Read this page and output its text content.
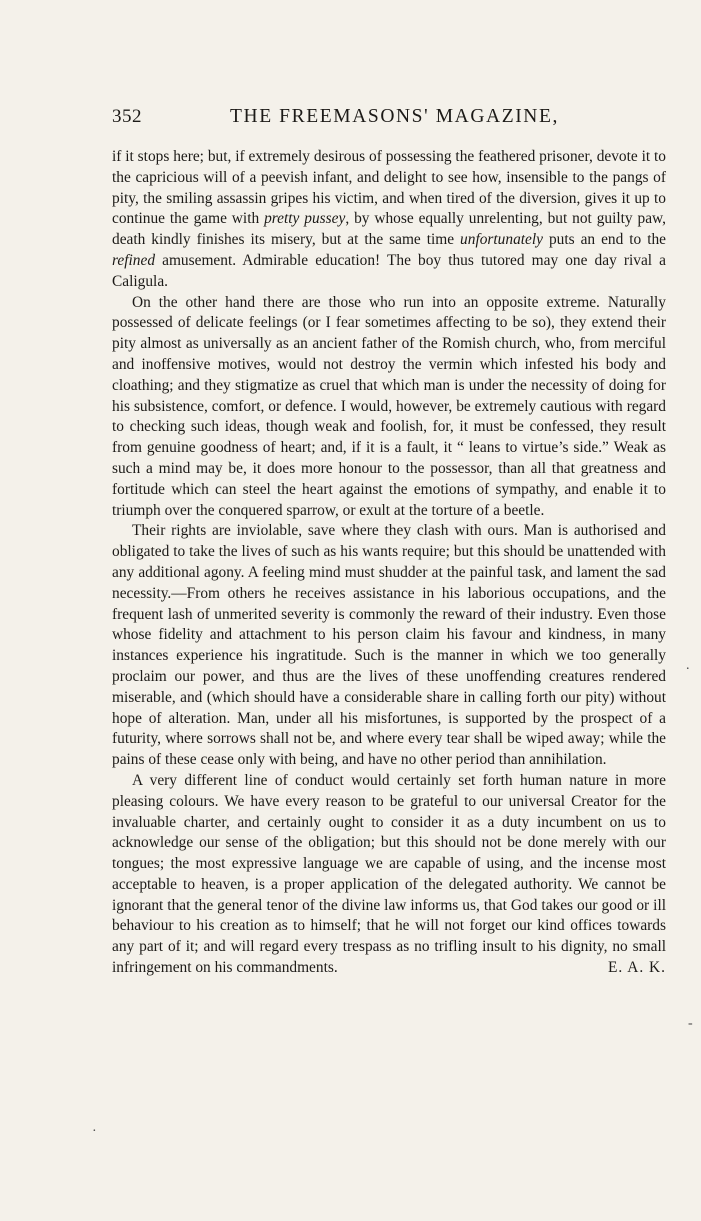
352	THE FREEMASONS' MAGAZINE,

if it stops here; but, if extremely desirous of possessing the feathered prisoner, devote it to the capricious will of a peevish infant, and delight to see how, insensible to the pangs of pity, the smiling assassin gripes his victim, and when tired of the diversion, gives it up to continue the game with pretty pussey, by whose equally unrelenting, but not guilty paw, death kindly finishes its misery, but at the same time unfortunately puts an end to the refined amusement. Admirable education! The boy thus tutored may one day rival a Caligula.

On the other hand there are those who run into an opposite extreme. Naturally possessed of delicate feelings (or I fear sometimes affecting to be so), they extend their pity almost as universally as an ancient father of the Romish church, who, from merciful and inoffensive motives, would not destroy the vermin which infested his body and cloathing; and they stigmatize as cruel that which man is under the necessity of doing for his subsistence, comfort, or defence. I would, however, be extremely cautious with regard to checking such ideas, though weak and foolish, for, it must be confessed, they result from genuine goodness of heart; and, if it is a fault, it “ leans to virtue’s side.” Weak as such a mind may be, it does more honour to the possessor, than all that greatness and fortitude which can steel the heart against the emotions of sympathy, and enable it to triumph over the conquered sparrow, or exult at the torture of a beetle.

Their rights are inviolable, save where they clash with ours. Man is authorised and obligated to take the lives of such as his wants require; but this should be unattended with any additional agony. A feeling mind must shudder at the painful task, and lament the sad necessity.—From others he receives assistance in his laborious occupations, and the frequent lash of unmerited severity is commonly the reward of their industry. Even those whose fidelity and attachment to his person claim his favour and kindness, in many instances experience his ingratitude. Such is the manner in which we too generally proclaim our power, and thus are the lives of these unoffending creatures rendered miserable, and (which should have a considerable share in calling forth our pity) without hope of alteration. Man, under all his misfortunes, is supported by the prospect of a futurity, where sorrows shall not be, and where every tear shall be wiped away; while the pains of these cease only with being, and have no other period than annihilation.

A very different line of conduct would certainly set forth human nature in more pleasing colours. We have every reason to be grateful to our universal Creator for the invaluable charter, and certainly ought to consider it as a duty incumbent on us to acknowledge our sense of the obligation; but this should not be done merely with our tongues; the most expressive language we are capable of using, and the incense most acceptable to heaven, is a proper application of the delegated authority. We cannot be ignorant that the general tenor of the divine law informs us, that God takes our good or ill behaviour to his creation as to himself; that he will not forget our kind offices towards any part of it; and will regard every trespass as no trifling insult to his dignity, no small infringement on his commandments.	E. A. K.

·
.
-
